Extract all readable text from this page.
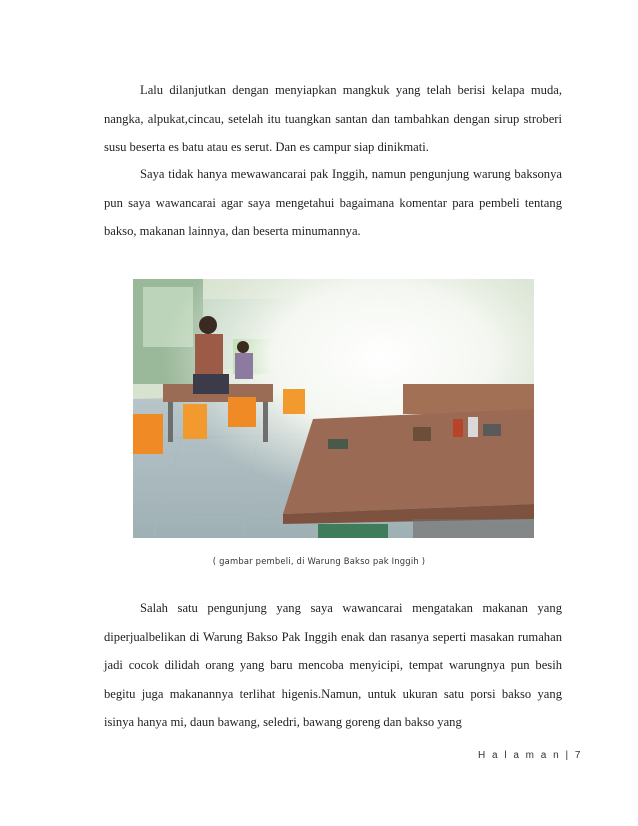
Lalu dilanjutkan dengan menyiapkan mangkuk yang telah berisi kelapa muda, nangka, alpukat,cincau, setelah itu tuangkan santan dan tambahkan dengan sirup stroberi susu beserta es batu atau es serut. Dan es campur siap dinikmati.

Saya tidak hanya mewawancarai pak Inggih, namun pengunjung warung baksonya pun saya wawancarai agar saya mengetahui bagaimana komentar para pembeli tentang bakso, makanan lainnya, dan beserta minumannya.

( gambar pembeli, di Warung Bakso pak Inggih )

Salah satu pengunjung yang saya wawancarai mengatakan makanan yang diperjualbelikan di Warung Bakso Pak Inggih enak dan rasanya seperti masakan rumahan jadi cocok dilidah orang yang baru mencoba menyicipi, tempat warungnya pun besih begitu juga makanannya terlihat higenis.Namun, untuk ukuran satu porsi bakso yang isinya hanya mi, daun bawang, seledri, bawang goreng dan bakso yang

H a l a m a n | 7
